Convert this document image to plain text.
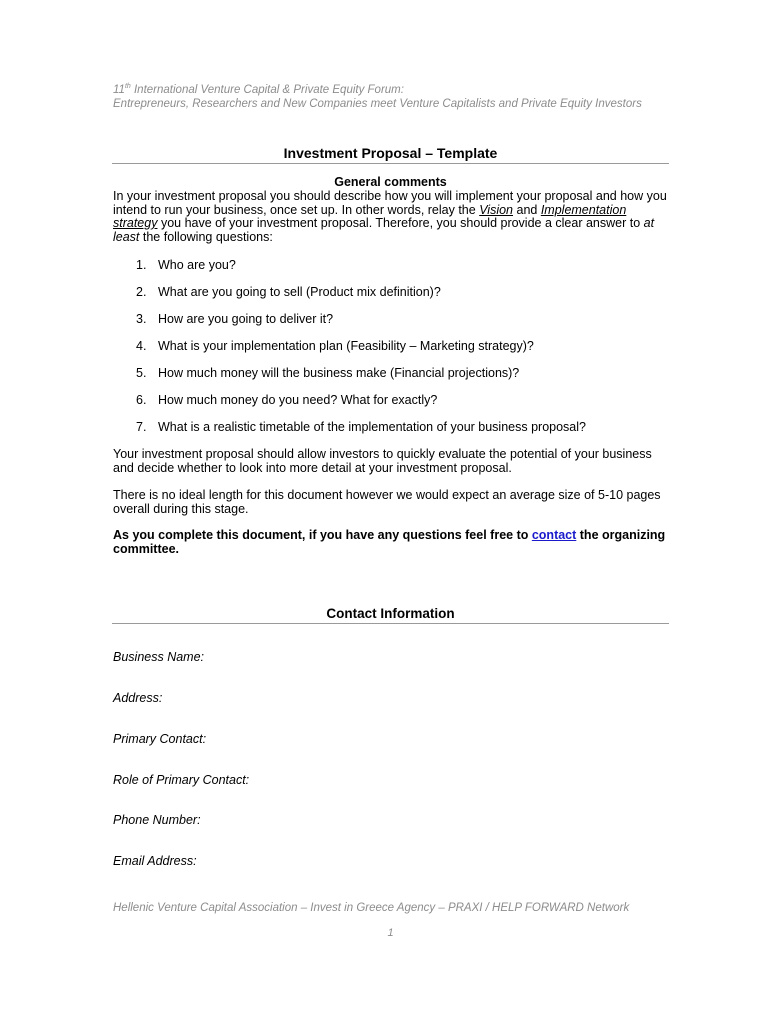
11th International Venture Capital & Private Equity Forum:
Entrepreneurs, Researchers and New Companies meet Venture Capitalists and Private Equity Investors
Investment Proposal – Template
General comments
In your investment proposal you should describe how you will implement your proposal and how you intend to run your business, once set up. In other words, relay the Vision and Implementation strategy you have of your investment proposal. Therefore, you should provide a clear answer to at least the following questions:
1. Who are you?
2. What are you going to sell (Product mix definition)?
3. How are you going to deliver it?
4. What is your implementation plan (Feasibility – Marketing strategy)?
5. How much money will the business make (Financial projections)?
6. How much money do you need? What for exactly?
7. What is a realistic timetable of the implementation of your business proposal?
Your investment proposal should allow investors to quickly evaluate the potential of your business and decide whether to look into more detail at your investment proposal.
There is no ideal length for this document however we would expect an average size of 5-10 pages overall during this stage.
As you complete this document, if you have any questions feel free to contact the organizing committee.
Contact Information
Business Name:
Address:
Primary Contact:
Role of Primary Contact:
Phone Number:
Email Address:
Hellenic Venture Capital Association – Invest in Greece Agency – PRAXI / HELP FORWARD Network
1
